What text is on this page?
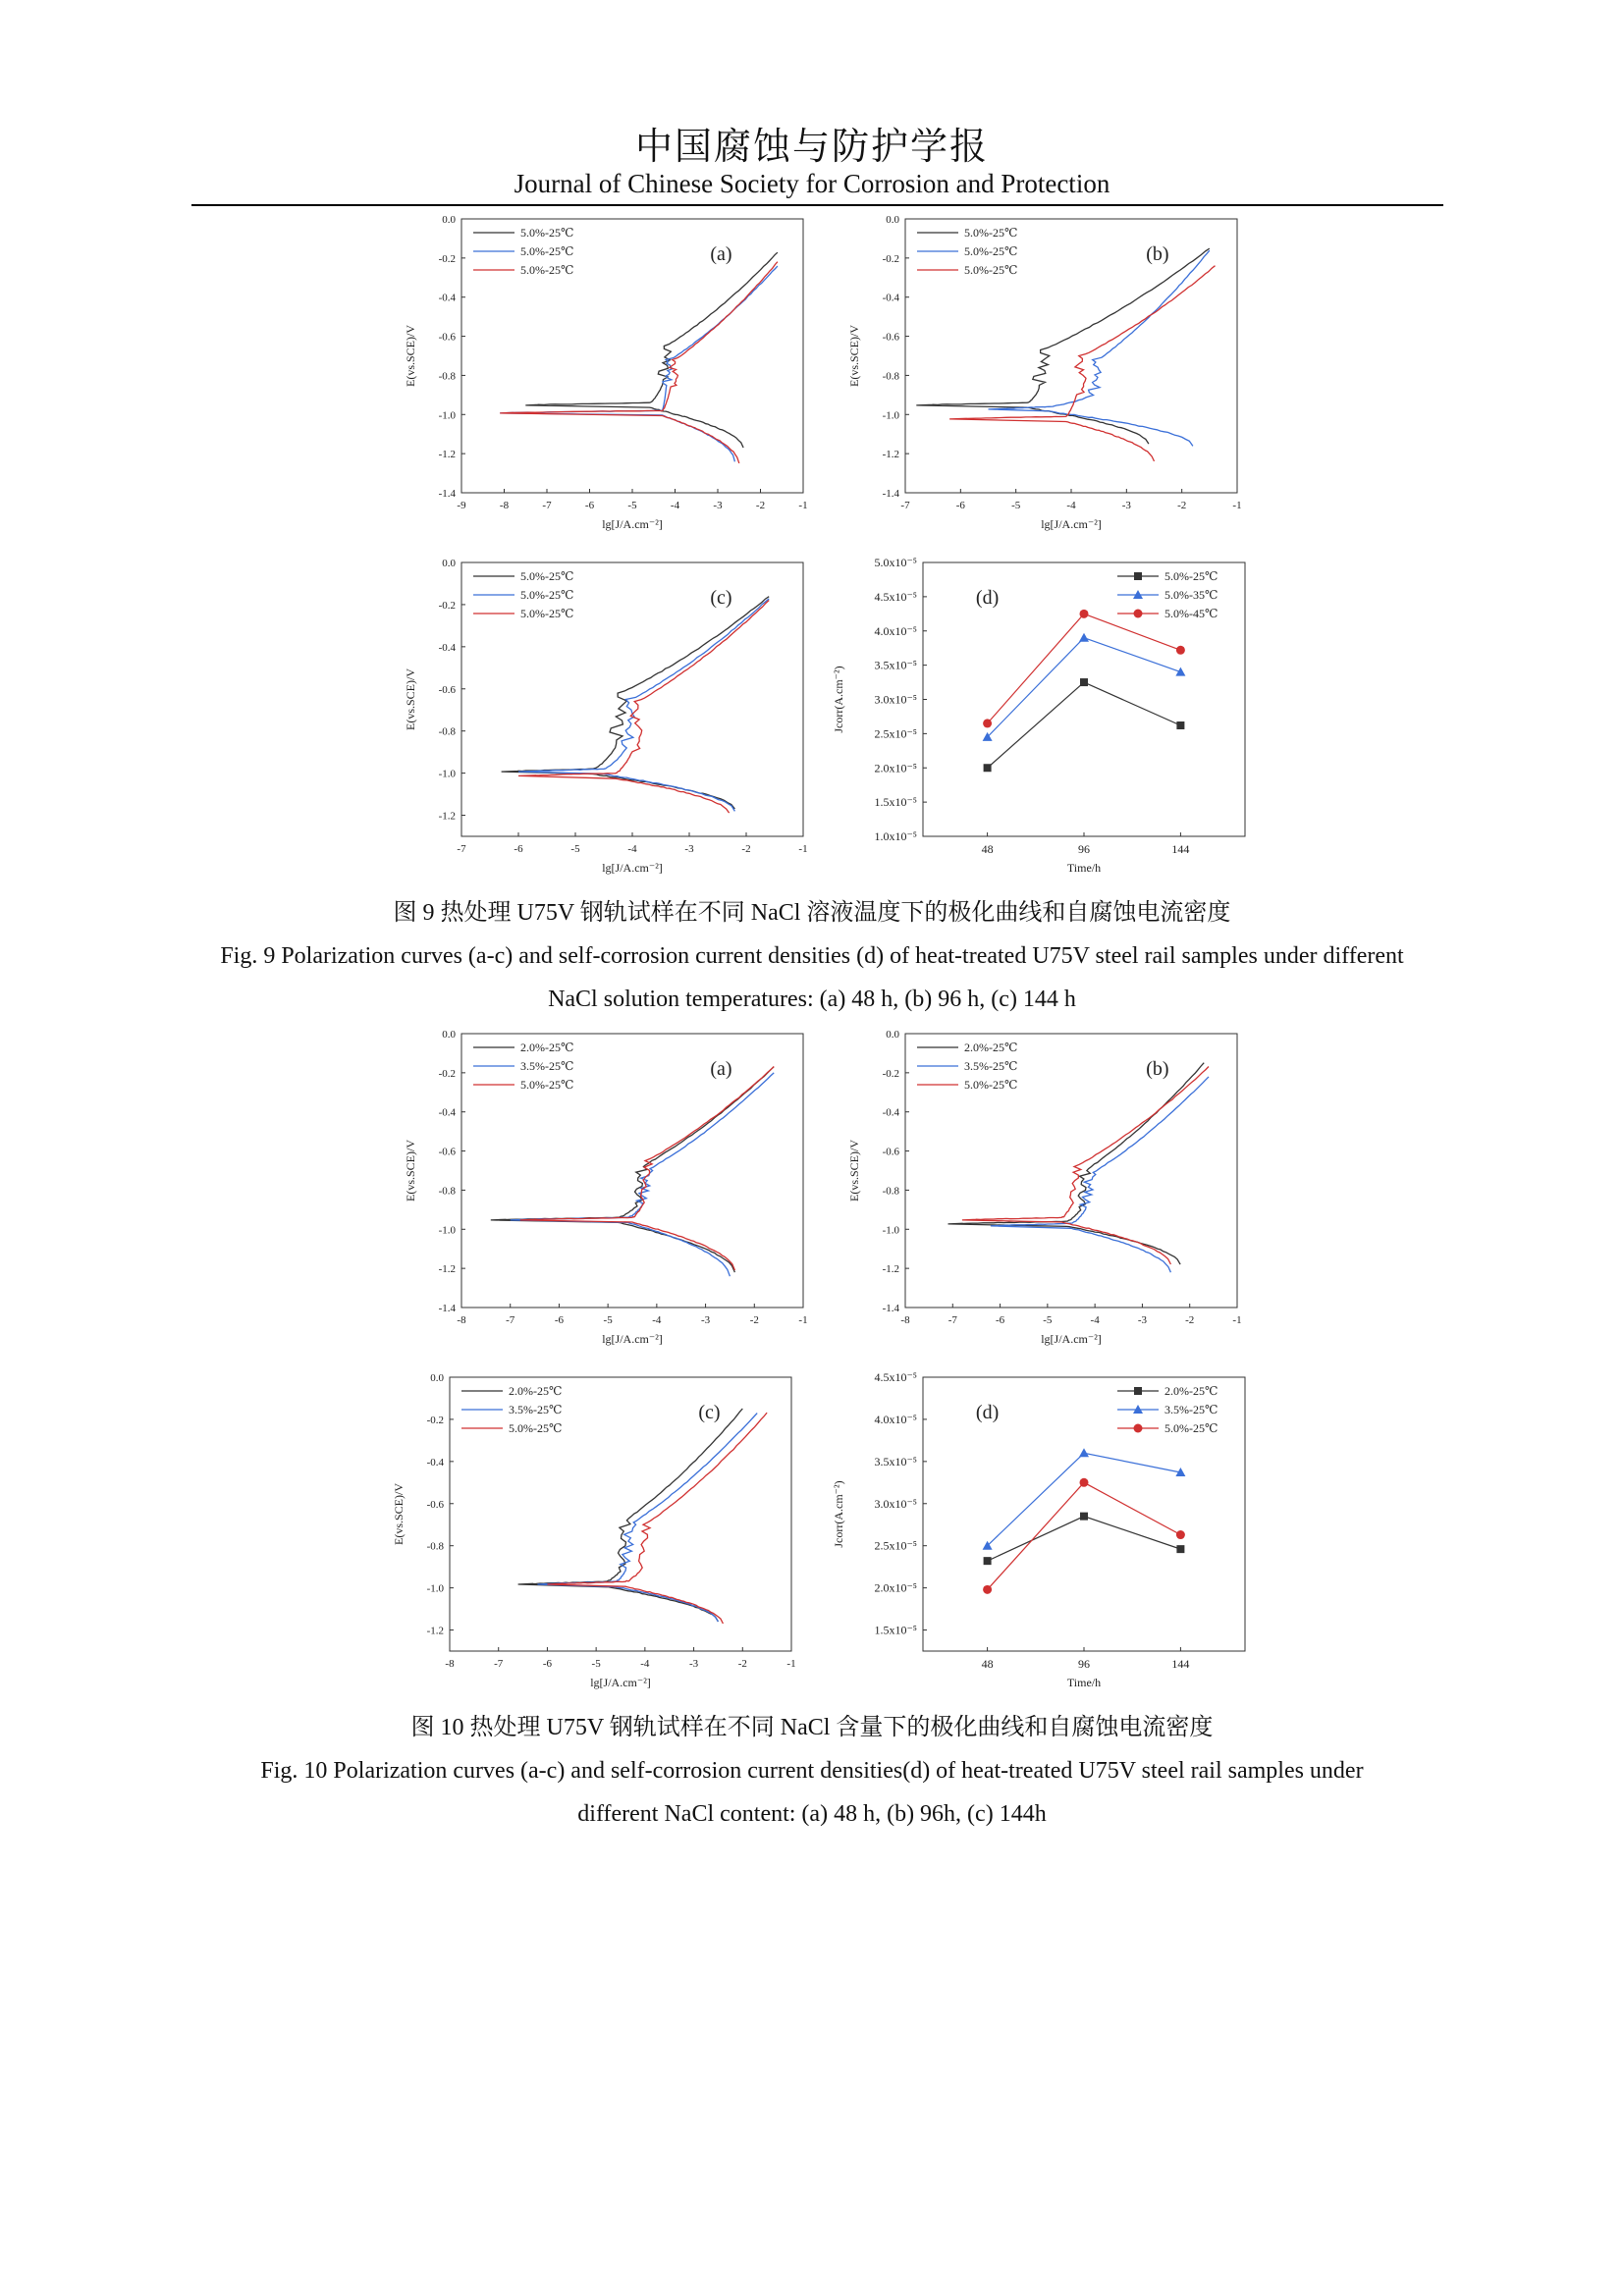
中国腐蚀与防护学报
Journal of Chinese Society for Corrosion and Protection
-1.4
-1.2
-1.0
-0.8
-0.6
-0.4
-0.2
0.0
-9	-8	-7	-6	-5	-4	-3	-2	-1
lg[J/A.cm⁻²]
E(vs.SCE)/V
(a)
5.0%-25℃
5.0%-25℃
5.0%-25℃
-1.4
-1.2
-1.0
-0.8
-0.6
-0.4
-0.2
0.0
-7	-6	-5	-4	-3	-2	-1
lg[J/A.cm⁻²]
E(vs.SCE)/V
(b)
5.0%-25℃
5.0%-25℃
5.0%-25℃
-1.2
-1.0
-0.8
-0.6
-0.4
-0.2
0.0
-7	-6	-5	-4	-3	-2	-1
lg[J/A.cm⁻²]
E(vs.SCE)/V
(c)
5.0%-25℃
5.0%-25℃
5.0%-25℃
1.0x10⁻⁵
1.5x10⁻⁵
2.0x10⁻⁵
2.5x10⁻⁵
3.0x10⁻⁵
3.5x10⁻⁵
4.0x10⁻⁵
4.5x10⁻⁵
5.0x10⁻⁵
48	96	144
Time/h
Jcorr(A.cm⁻²)
(d)
5.0%-25℃
5.0%-35℃
5.0%-45℃
图 9 热处理 U75V 钢轨试样在不同 NaCl 溶液温度下的极化曲线和自腐蚀电流密度
Fig. 9 Polarization curves (a-c) and self-corrosion current densities (d) of heat-treated U75V steel rail samples under different
NaCl solution temperatures: (a) 48 h, (b) 96 h, (c) 144 h
-1.4
-1.2
-1.0
-0.8
-0.6
-0.4
-0.2
0.0
-8	-7	-6	-5	-4	-3	-2	-1
lg[J/A.cm⁻²]
E(vs.SCE)/V
(a)
2.0%-25℃
3.5%-25℃
5.0%-25℃
-1.4
-1.2
-1.0
-0.8
-0.6
-0.4
-0.2
0.0
-8	-7	-6	-5	-4	-3	-2	-1
lg[J/A.cm⁻²]
E(vs.SCE)/V
(b)
2.0%-25℃
3.5%-25℃
5.0%-25℃
-1.2
-1.0
-0.8
-0.6
-0.4
-0.2
0.0
-8	-7	-6	-5	-4	-3	-2	-1
lg[J/A.cm⁻²]
E(vs.SCE)/V
(c)
2.0%-25℃
3.5%-25℃
5.0%-25℃
1.5x10⁻⁵
2.0x10⁻⁵
2.5x10⁻⁵
3.0x10⁻⁵
3.5x10⁻⁵
4.0x10⁻⁵
4.5x10⁻⁵
48	96	144
Time/h
Jcorr(A.cm⁻²)
(d)
2.0%-25℃
3.5%-25℃
5.0%-25℃
图 10 热处理 U75V 钢轨试样在不同 NaCl 含量下的极化曲线和自腐蚀电流密度
Fig. 10 Polarization curves (a-c) and self-corrosion current densities(d) of heat-treated U75V steel rail samples under
different NaCl content: (a) 48 h, (b) 96h, (c) 144h
